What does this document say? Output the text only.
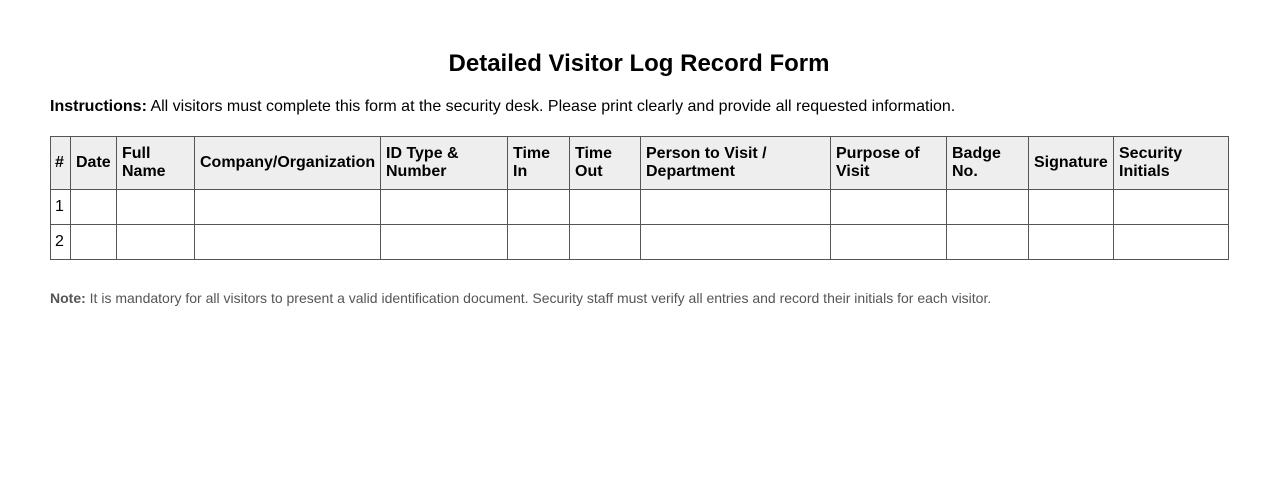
Detailed Visitor Log Record Form
Instructions: All visitors must complete this form at the security desk. Please print clearly and provide all requested information.
#	Date	Full Name	Company/Organization	ID Type & Number	Time In	Time Out	Person to Visit / Department	Purpose of Visit	Badge No.	Signature	Security Initials
1											
2											
Note: It is mandatory for all visitors to present a valid identification document. Security staff must verify all entries and record their initials for each visitor.
